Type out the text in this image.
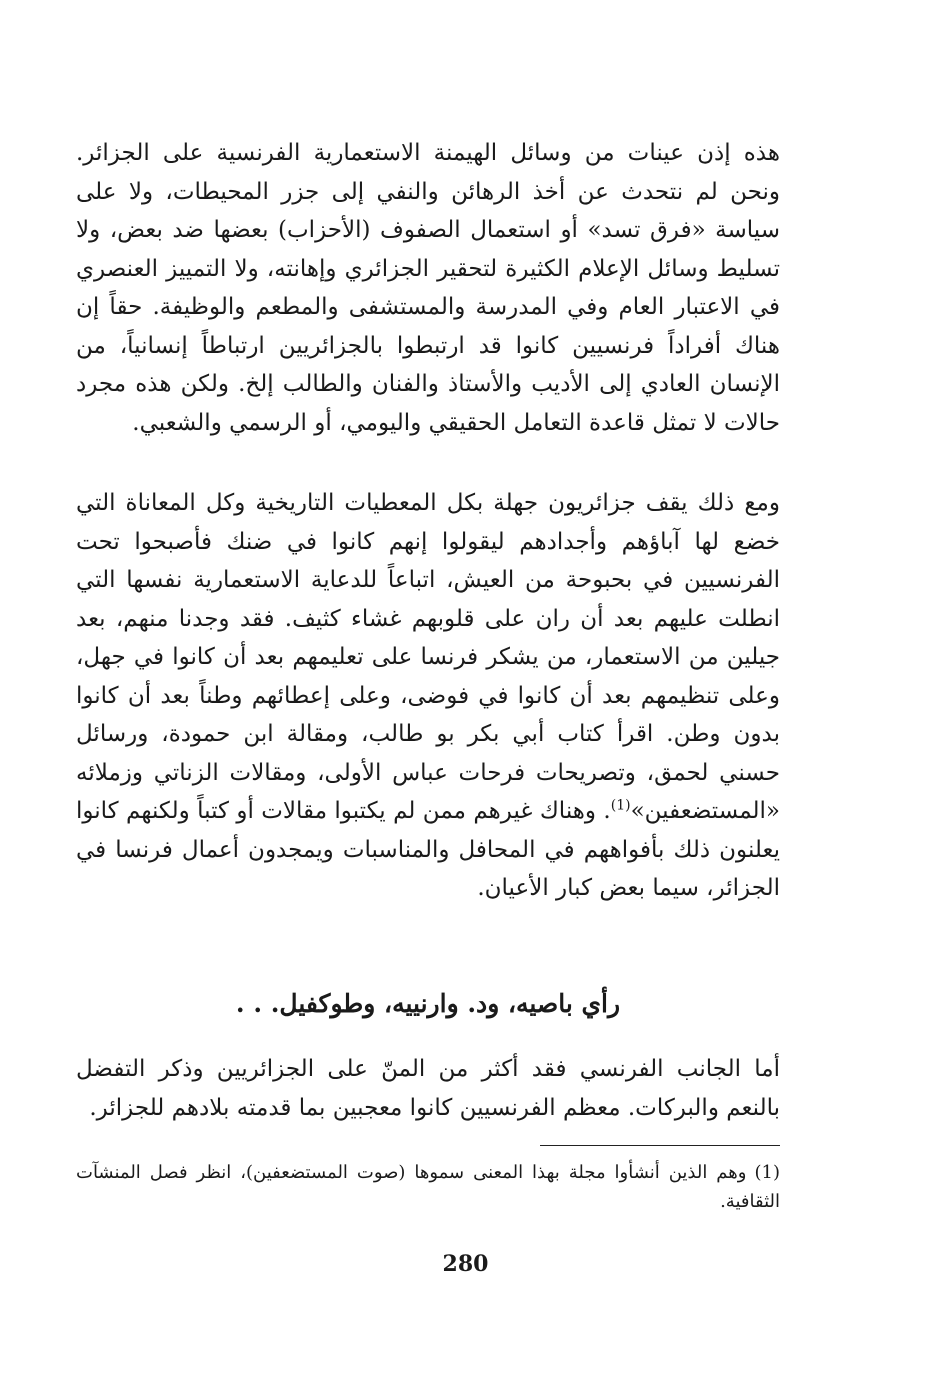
هذه إذن عينات من وسائل الهيمنة الاستعمارية الفرنسية على الجزائر. ونحن لم نتحدث عن أخذ الرهائن والنفي إلى جزر المحيطات، ولا على سياسة «فرق تسد» أو استعمال الصفوف (الأحزاب) بعضها ضد بعض، ولا تسليط وسائل الإعلام الكثيرة لتحقير الجزائري وإهانته، ولا التمييز العنصري في الاعتبار العام وفي المدرسة والمستشفى والمطعم والوظيفة. حقاً إن هناك أفراداً فرنسيين كانوا قد ارتبطوا بالجزائريين ارتباطاً إنسانياً، من الإنسان العادي إلى الأديب والأستاذ والفنان والطالب إلخ. ولكن هذه مجرد حالات لا تمثل قاعدة التعامل الحقيقي واليومي، أو الرسمي والشعبي.

ومع ذلك يقف جزائريون جهلة بكل المعطيات التاريخية وكل المعاناة التي خضع لها آباؤهم وأجدادهم ليقولوا إنهم كانوا في ضنك فأصبحوا تحت الفرنسيين في بحبوحة من العيش، اتباعاً للدعاية الاستعمارية نفسها التي انطلت عليهم بعد أن ران على قلوبهم غشاء كثيف. فقد وجدنا منهم، بعد جيلين من الاستعمار، من يشكر فرنسا على تعليمهم بعد أن كانوا في جهل، وعلى تنظيمهم بعد أن كانوا في فوضى، وعلى إعطائهم وطناً بعد أن كانوا بدون وطن. اقرأ كتاب أبي بكر بو طالب، ومقالة ابن حمودة، ورسائل حسني لحمق، وتصريحات فرحات عباس الأولى، ومقالات الزناتي وزملائه «المستضعفين»$^{(1)}$. وهناك غيرهم ممن لم يكتبوا مقالات أو كتباً ولكنهم كانوا يعلنون ذلك بأفواههم في المحافل والمناسبات ويمجدون أعمال فرنسا في الجزائر، سيما بعض كبار الأعيان.

رأي باصيه، ود. وارنييه، وطوكفيل. . .

أما الجانب الفرنسي فقد أكثر من المنّ على الجزائريين وذكر التفضل بالنعم والبركات. معظم الفرنسيين كانوا معجبين بما قدمته بلادهم للجزائر.

(1)وهم الذين أنشأوا مجلة بهذا المعنى سموها (صوت المستضعفين)، انظر فصل المنشآت الثقافية.

280
